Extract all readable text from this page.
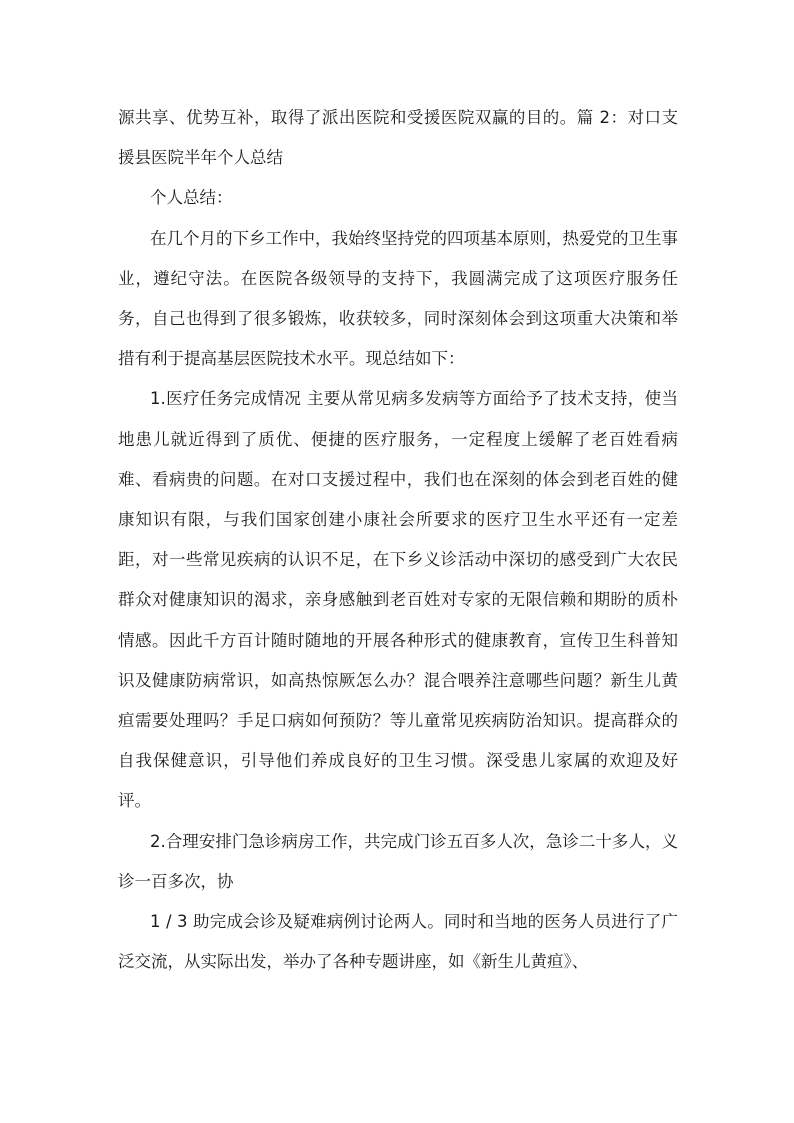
源共享、优势互补，取得了派出医院和受援医院双赢的目的。篇 2：对口支援县医院半年个人总结

个人总结：

在几个月的下乡工作中，我始终坚持党的四项基本原则，热爱党的卫生事业，遵纪守法。在医院各级领导的支持下，我圆满完成了这项医疗服务任务，自己也得到了很多锻炼，收获较多，同时深刻体会到这项重大决策和举措有利于提高基层医院技术水平。现总结如下：

1.医疗任务完成情况 主要从常见病多发病等方面给予了技术支持，使当地患儿就近得到了质优、便捷的医疗服务，一定程度上缓解了老百姓看病难、看病贵的问题。在对口支援过程中，我们也在深刻的体会到老百姓的健康知识有限，与我们国家创建小康社会所要求的医疗卫生水平还有一定差距，对一些常见疾病的认识不足，在下乡义诊活动中深切的感受到广大农民群众对健康知识的渴求，亲身感触到老百姓对专家的无限信赖和期盼的质朴情感。因此千方百计随时随地的开展各种形式的健康教育，宣传卫生科普知识及健康防病常识，如高热惊厥怎么办？混合喂养注意哪些问题？新生儿黄疸需要处理吗？手足口病如何预防？等儿童常见疾病防治知识。提高群众的自我保健意识，引导他们养成良好的卫生习惯。深受患儿家属的欢迎及好评。

2.合理安排门急诊病房工作，共完成门诊五百多人次，急诊二十多人，义诊一百多次，协

1 / 3 助完成会诊及疑难病例讨论两人。同时和当地的医务人员进行了广泛交流，从实际出发，举办了各种专题讲座，如《新生儿黄疸》、
